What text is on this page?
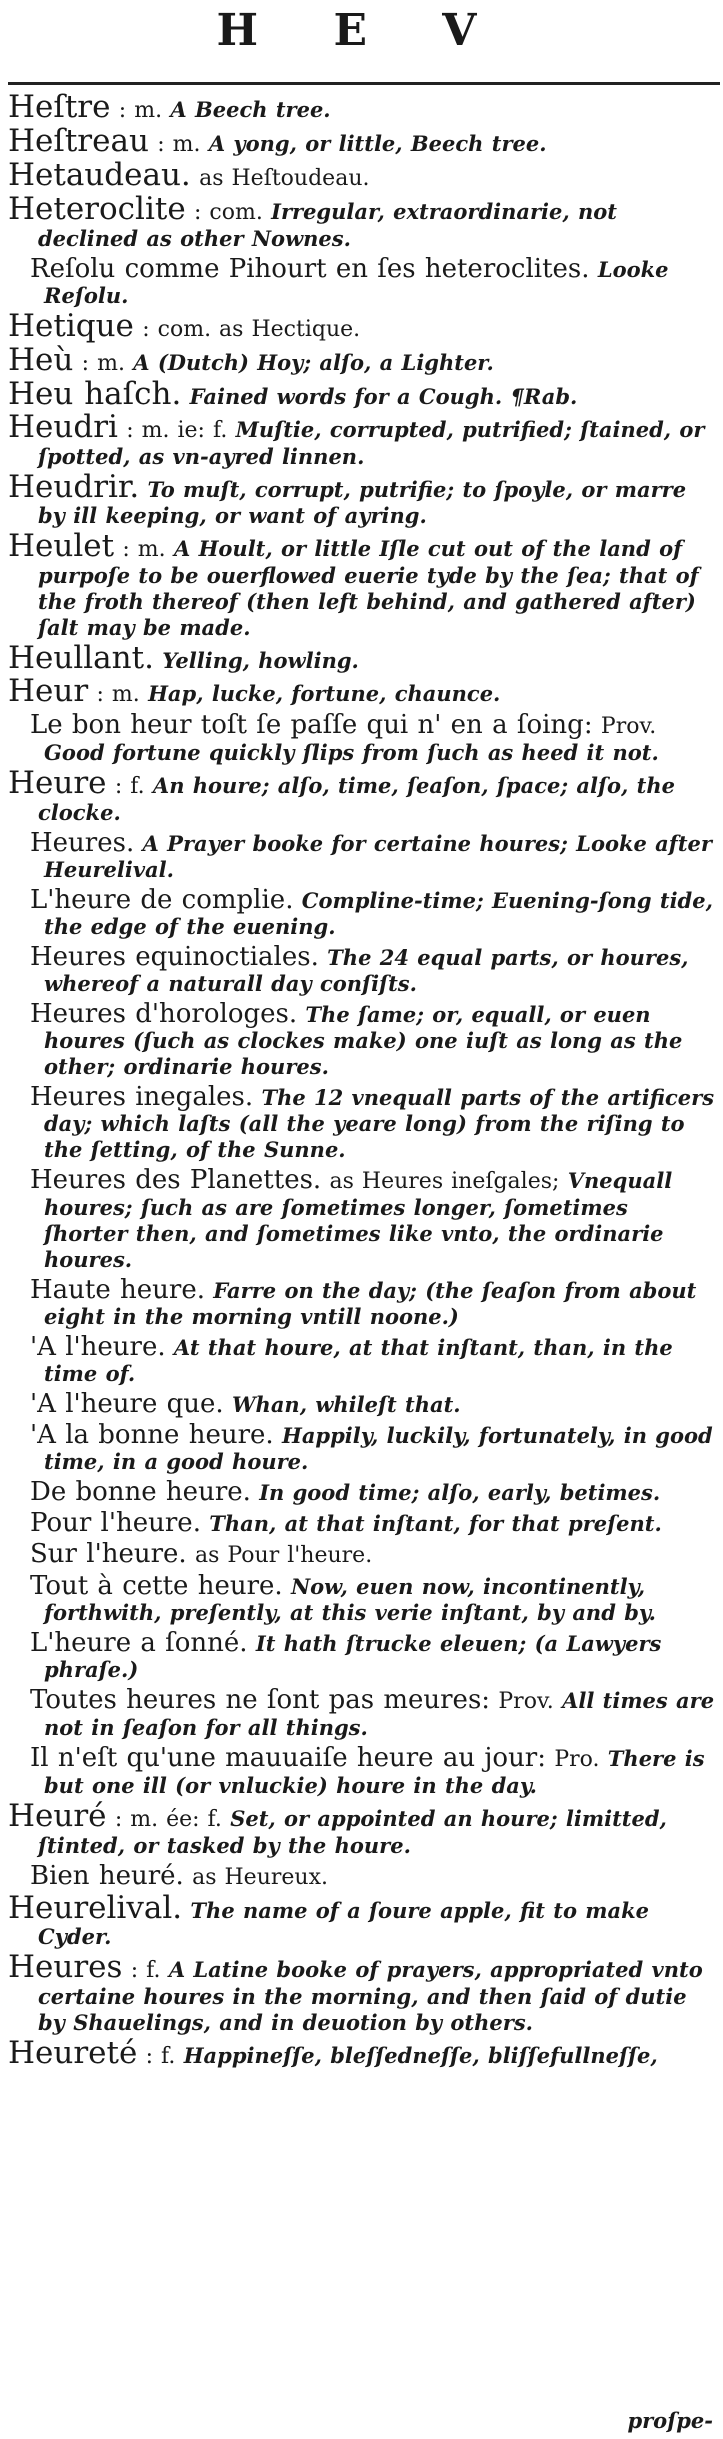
H E V
Heſtre : m. A Beech tree.
Heſtreau : m. A yong, or little, Beech tree.
Hetaudeau. as Heſtoudeau.
Heteroclite : com. Irregular, extraordinarie, not declined as other Nownes.
Reſolu comme Pihourt en ſes heteroclites. Looke Reſolu.
Hetique : com. as Hectique.
Heù : m. A (Dutch) Hoy; alſo, a Lighter.
Heu haſch. Fained words for a Cough. ¶Rab.
Heudri : m. ie: f. Muſtie, corrupted, putrified; ſtained, or ſpotted, as vn-ayred linnen.
Heudrir. To muſt, corrupt, putrifie; to ſpoyle, or marre by ill keeping, or want of ayring.
Heulet : m. A Hoult, or little Iſle cut out of the land of purpoſe to be ouerflowed euerie tyde by the ſea; that of the froth thereof (then left behind, and gathered after) ſalt may be made.
Heullant. Yelling, howling.
Heur : m. Hap, lucke, fortune, chaunce.
Le bon heur toſt ſe paſſe qui n' en a ſoing: Prov. Good fortune quickly ſlips from ſuch as heed it not.
Heure : f. An houre; alſo, time, ſeaſon, ſpace; alſo, the clocke.
Heures. A Prayer booke for certaine houres; Looke after Heurelival.
L'heure de complie. Compline-time; Euening-ſong tide, the edge of the euening.
Heures equinoctiales. The 24 equal parts, or houres, whereof a naturall day conſiſts.
Heures d'horologes. The ſame; or, equall, or euen houres (ſuch as clockes make) one iuſt as long as the other; ordinarie houres.
Heures inegales. The 12 vnequall parts of the artificers day; which laſts (all the yeare long) from the riſing to the ſetting, of the Sunne.
Heures des Planettes. as Heures ineſgales; Vnequall houres; ſuch as are ſometimes longer, ſometimes ſhorter then, and ſometimes like vnto, the ordinarie houres.
Haute heure. Farre on the day; (the ſeaſon from about eight in the morning vntill noone.)
'A l'heure. At that houre, at that inſtant, than, in the time of.
'A l'heure que. Whan, whileſt that.
'A la bonne heure. Happily, luckily, fortunately, in good time, in a good houre.
De bonne heure. In good time; alſo, early, betimes.
Pour l'heure. Than, at that inſtant, for that preſent.
Sur l'heure. as Pour l'heure.
Tout à cette heure. Now, euen now, incontinently, forthwith, preſently, at this verie inſtant, by and by.
L'heure a ſonné. It hath ſtrucke eleuen; (a Lawyers phraſe.)
Toutes heures ne ſont pas meures: Prov. All times are not in ſeaſon for all things.
Il n'eſt qu'une mauuaiſe heure au jour: Pro. There is but one ill (or vnluckie) houre in the day.
Heuré : m. ée: f. Set, or appointed an houre; limitted, ſtinted, or tasked by the houre.
Bien heuré. as Heureux.
Heurelival. The name of a ſoure apple, fit to make Cyder.
Heures : f. A Latine booke of prayers, appropriated vnto certaine houres in the morning, and then ſaid of dutie by Shauelings, and in deuotion by others.
Heureté : f. Happineſſe, bleſſedneſſe, bliſſefullneſſe,
proſpe-
